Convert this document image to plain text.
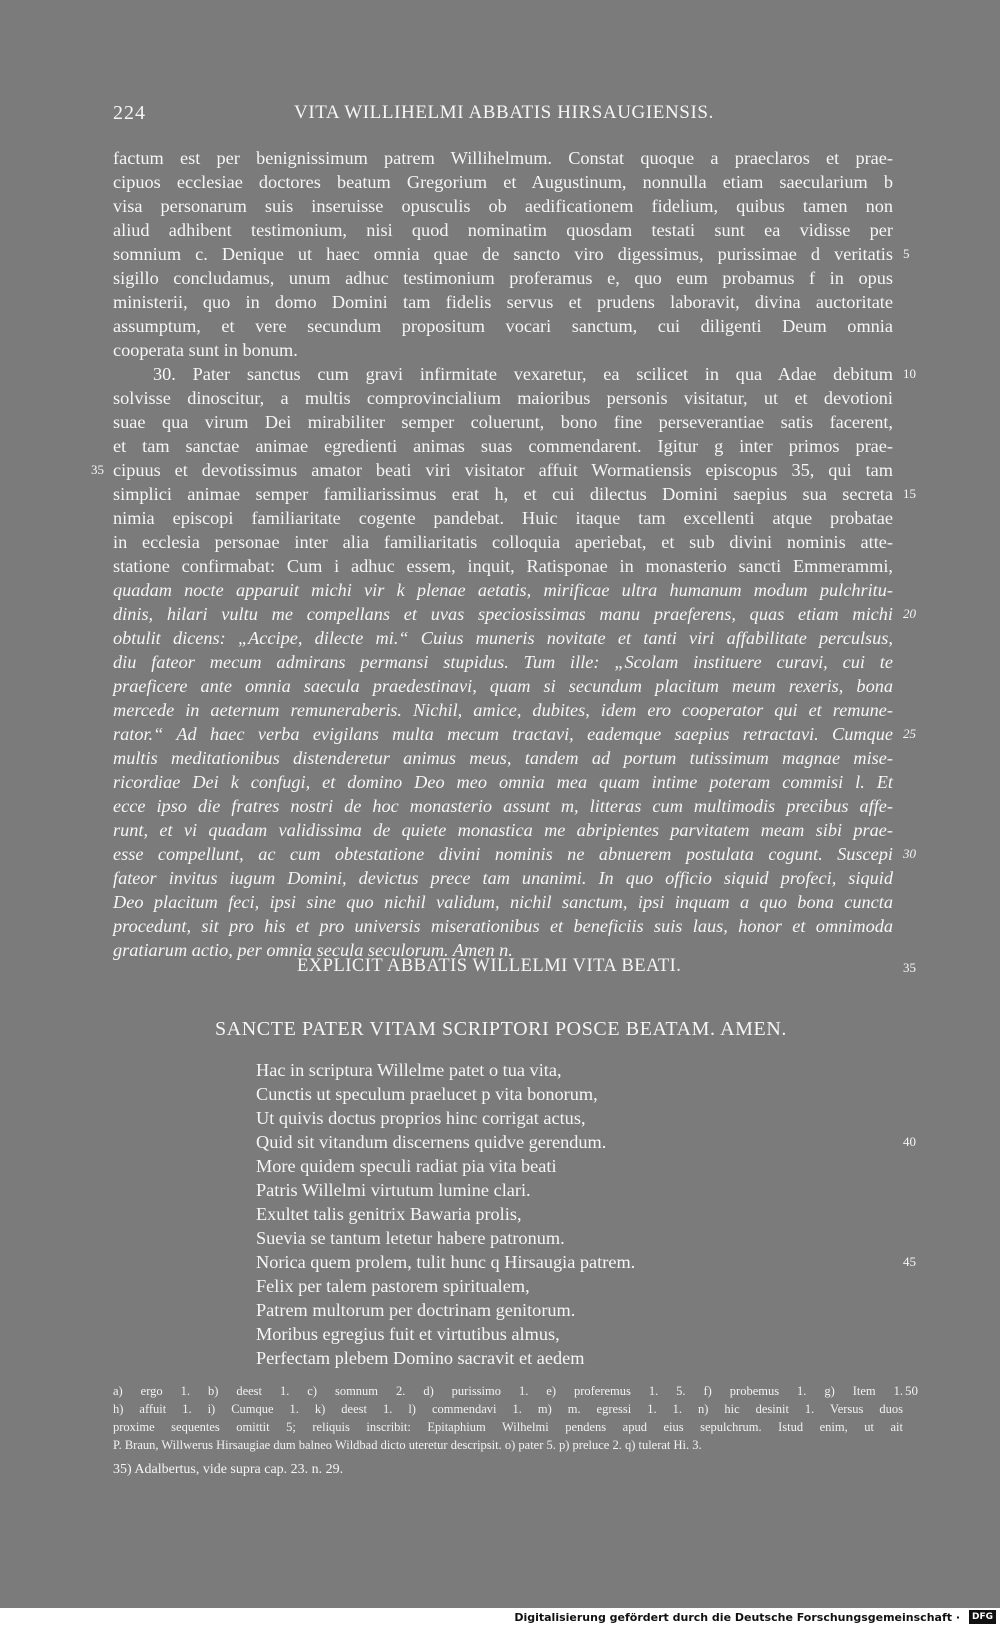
224	VITA WILLIHELMI ABBATIS HIRSAUGIENSIS.
factum est per benignissimum patrem Willihelmum. Constat quoque a praeclaros et prae-
cipuos ecclesiae doctores beatum Gregorium et Augustinum, nonnulla etiam saecularium b
visa personarum suis inseruisse opusculis ob aedificationem fidelium, quibus tamen non
aliud adhibent testimonium, nisi quod nominatim quosdam testati sunt ea vidisse per
somnium c. Denique ut haec omnia quae de sancto viro digessimus, purissimae d veritatis 5
sigillo concludamus, unum adhuc testimonium proferamus e, quo eum probamus f in opus
ministerii, quo in domo Domini tam fidelis servus et prudens laboravit, divina auctoritate
assumptum, et vere secundum propositum vocari sanctum, cui diligenti Deum omnia
cooperata sunt in bonum.
30. Pater sanctus cum gravi infirmitate vexaretur, ea scilicet in qua Adae debitum 10
solvisse dinoscitur, a multis comprovincialium maioribus personis visitatur, ut et devotioni
suae qua virum Dei mirabiliter semper coluerunt, bono fine perseverantiae satis facerent,
et tam sanctae animae egredienti animas suas commendarent. Igitur g inter primos prae-
cipuus et devotissimus amator beati viri visitator affuit Wormatiensis episcopus 35, qui tam
35
simplici animae semper familiarissimus erat h, et cui dilectus Domini saepius sua secreta 15
nimia episcopi familiaritate cogente pandebat. Huic itaque tam excellenti atque probatae
in ecclesia personae inter alia familiaritatis colloquia aperiebat, et sub divini nominis atte-
statione confirmabat: Cum i adhuc essem, inquit, Ratisponae in monasterio sancti Emmerammi,
quadam nocte apparuit michi vir k plenae aetatis, mirificae ultra humanum modum pulchritu-
dinis, hilari vultu me compellans et uvas speciosissimas manu praeferens, quas etiam michi 20
obtulit dicens: „Accipe, dilecte mi.“ Cuius muneris novitate et tanti viri affabilitate perculsus,
diu fateor mecum admirans permansi stupidus. Tum ille: „Scolam instituere curavi, cui te
praeficere ante omnia saecula praedestinavi, quam si secundum placitum meum rexeris, bona
mercede in aeternum remuneraberis. Nichil, amice, dubites, idem ero cooperator qui et remune-
rator.“ Ad haec verba evigilans multa mecum tractavi, eademque saepius retractavi. Cumque 25
multis meditationibus distenderetur animus meus, tandem ad portum tutissimum magnae mise-
ricordiae Dei k confugi, et domino Deo meo omnia mea quam intime poteram commisi l. Et
ecce ipso die fratres nostri de hoc monasterio assunt m, litteras cum multimodis precibus affe-
runt, et vi quadam validissima de quiete monastica me abripientes parvitatem meam sibi prae-
esse compellunt, ac cum obtestatione divini nominis ne abnuerem postulata cogunt. Suscepi 30
fateor invitus iugum Domini, devictus prece tam unanimi. In quo officio siquid profeci, siquid
Deo placitum feci, ipsi sine quo nichil validum, nichil sanctum, ipsi inquam a quo bona cuncta
procedunt, sit pro his et pro universis miserationibus et beneficiis suis laus, honor et omnimoda
gratiarum actio, per omnia secula seculorum. Amen n.
EXPLICIT ABBATIS WILLELMI VITA BEATI.	35
SANCTE PATER VITAM SCRIPTORI POSCE BEATAM. AMEN.
Hac in scriptura Willelme patet o tua vita,
Cunctis ut speculum praelucet p vita bonorum,
Ut quivis doctus proprios hinc corrigat actus,
Quid sit vitandum discernens quidve gerendum.	40
More quidem speculi radiat pia vita beati
Patris Willelmi virtutum lumine clari.
Exultet talis genitrix Bawaria prolis,
Suevia se tantum letetur habere patronum.
Norica quem prolem, tulit hunc q Hirsaugia patrem.	45
Felix per talem pastorem spiritualem,
Patrem multorum per doctrinam genitorum.
Moribus egregius fuit et virtutibus almus,
Perfectam plebem Domino sacravit et aedem
a) ergo 1. b) deest 1. c) somnum 2. d) purissimo 1. e) proferemus 1. 5. f) probemus 1. g) Item 1. 50
h) affuit 1. i) Cumque 1. k) deest 1. l) commendavi 1. m) m. egressi 1. 1. n) hic desinit 1. Versus duos
proxime sequentes omittit 5; reliquis inscribit: Epitaphium Wilhelmi pendens apud eius sepulchrum. Istud enim, ut ait
P. Braun, Willwerus Hirsaugiae dum balneo Wildbad dicto uteretur descripsit. o) pater 5. p) preluce 2. q) tulerat Hi. 3.
35) Adalbertus, vide supra cap. 23. n. 29.
Digitalisierung gefördert durch die Deutsche Forschungsgemeinschaft ·	DFG
